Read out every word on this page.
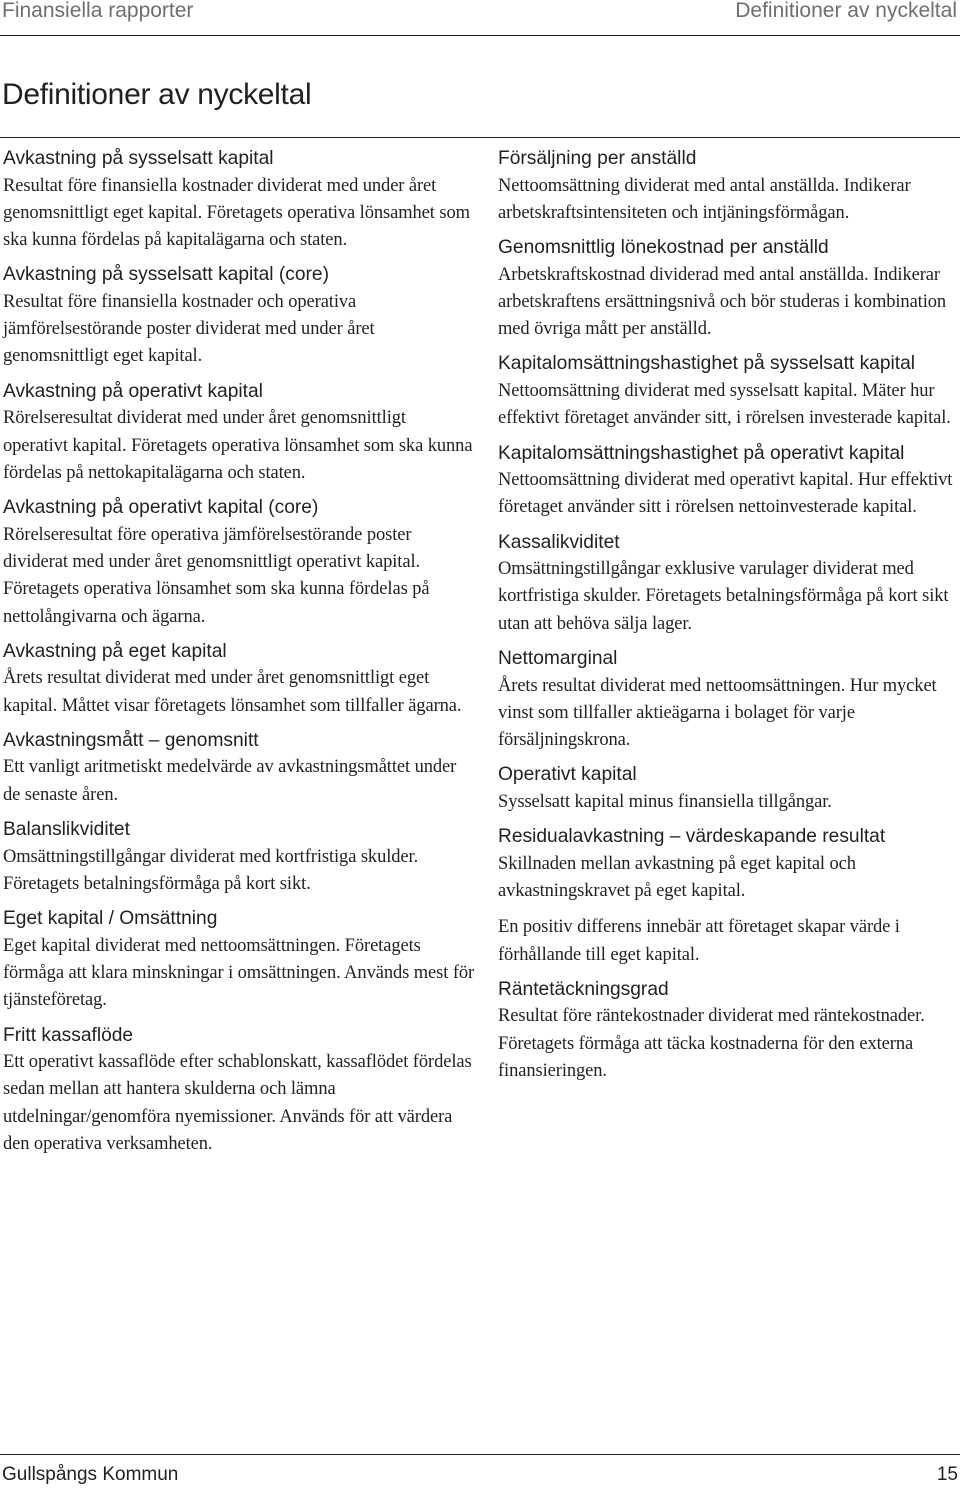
Finansiella rapporter	Definitioner av nyckeltal
Definitioner av nyckeltal

Avkastning på sysselsatt kapital

Resultat före finansiella kostnader dividerat med under året genomsnittligt eget kapital. Företagets operativa lönsamhet som ska kunna fördelas på kapitalägarna och staten.

Avkastning på sysselsatt kapital (core)

Resultat före finansiella kostnader och operativa jämförelsestörande poster dividerat med under året genomsnittligt eget kapital.

Avkastning på operativt kapital

Rörelseresultat dividerat med under året genomsnittligt operativt kapital. Företagets operativa lönsamhet som ska kunna fördelas på nettokapitalägarna och staten.

Avkastning på operativt kapital (core)

Rörelseresultat före operativa jämförelsestörande poster dividerat med under året genomsnittligt operativt kapital. Företagets operativa lönsamhet som ska kunna fördelas på nettolångivarna och ägarna.

Avkastning på eget kapital

Årets resultat dividerat med under året genomsnittligt eget kapital. Måttet visar företagets lönsamhet som tillfaller ägarna.

Avkastningsmått – genomsnitt

Ett vanligt aritmetiskt medelvärde av avkastningsmåttet under de senaste åren.

Balanslikviditet

Omsättningstillgångar dividerat med kortfristiga skulder. Företagets betalningsförmåga på kort sikt.

Eget kapital / Omsättning

Eget kapital dividerat med nettoomsättningen. Företagets förmåga att klara minskningar i omsättningen. Används mest för tjänsteföretag.

Fritt kassaflöde

Ett operativt kassaflöde efter schablonskatt, kassaflödet fördelas sedan mellan att hantera skulderna och lämna utdelningar/genomföra nyemissioner. Används för att värdera den operativa verksamheten.

Försäljning per anställd

Nettoomsättning dividerat med antal anställda. Indikerar arbetskraftsintensiteten och intjäningsförmågan.

Genomsnittlig lönekostnad per anställd

Arbetskraftskostnad dividerad med antal anställda. Indikerar arbetskraftens ersättningsnivå och bör studeras i kombination med övriga mått per anställd.

Kapitalomsättningshastighet på sysselsatt kapital

Nettoomsättning dividerat med sysselsatt kapital. Mäter hur effektivt företaget använder sitt, i rörelsen investerade kapital.

Kapitalomsättningshastighet på operativt kapital

Nettoomsättning dividerat med operativt kapital. Hur effektivt företaget använder sitt i rörelsen nettoinvesterade kapital.

Kassalikviditet

Omsättningstillgångar exklusive varulager dividerat med kortfristiga skulder. Företagets betalningsförmåga på kort sikt utan att behöva sälja lager.

Nettomarginal

Årets resultat dividerat med nettoomsättningen. Hur mycket vinst som tillfaller aktieägarna i bolaget för varje försäljningskrona.

Operativt kapital

Sysselsatt kapital minus finansiella tillgångar.

Residualavkastning – värdeskapande resultat

Skillnaden mellan avkastning på eget kapital och avkastningskravet på eget kapital.

En positiv differens innebär att företaget skapar värde i förhållande till eget kapital.

Räntetäckningsgrad

Resultat före räntekostnader dividerat med räntekostnader. Företagets förmåga att täcka kostnaderna för den externa finansieringen.

Gullspångs Kommun	15
